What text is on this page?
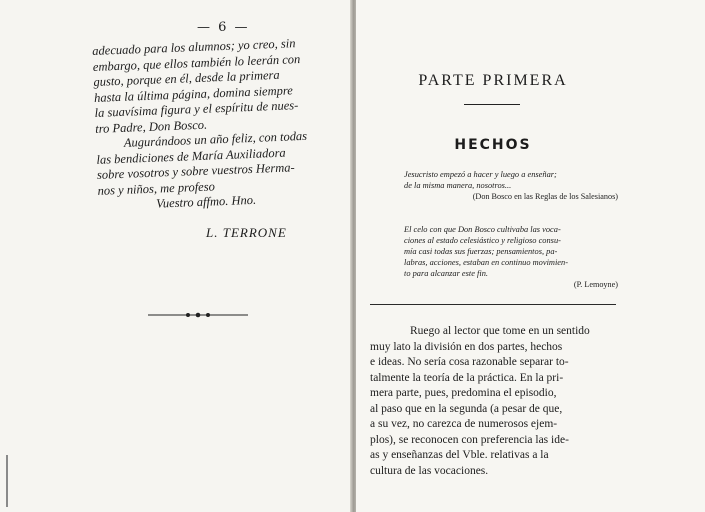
— 6 —

adecuado para los alumnos; yo creo, sin

embargo, que ellos también lo leerán con

gusto, porque en él, desde la primera

hasta la última página, domina siempre

la suavísima figura y el espíritu de nues-

tro Padre, Don Bosco.

Augurándoos un año feliz, con todas

las bendiciones de María Auxiliadora

sobre vosotros y sobre vuestros Herma-

nos y niños, me profeso

Vuestro affmo. Hno.

L. TERRONE
PARTE PRIMERA
HECHOS

Jesucristo empezó a hacer y luego a enseñar;

de la misma manera, nosotros...

(Don Bosco en las Reglas de los Salesianos)

El celo con que Don Bosco cultivaba las voca-

ciones al estado celesiástico y religioso consu-

mía casi todas sus fuerzas; pensamientos, pa-

labras, acciones, estaban en continuo movimien-

to para alcanzar este fin.

(P. Lemoyne)

Ruego al lector que tome en un sentido
muy lato la división en dos partes, hechos
e ideas. No sería cosa razonable separar to-
talmente la teoría de la práctica. En la pri-
mera parte, pues, predomina el episodio,
al paso que en la segunda (a pesar de que,
a su vez, no carezca de numerosos ejem-
plos), se reconocen con preferencia las ide-
as y enseñanzas del Vble. relativas a la
cultura de las vocaciones.
